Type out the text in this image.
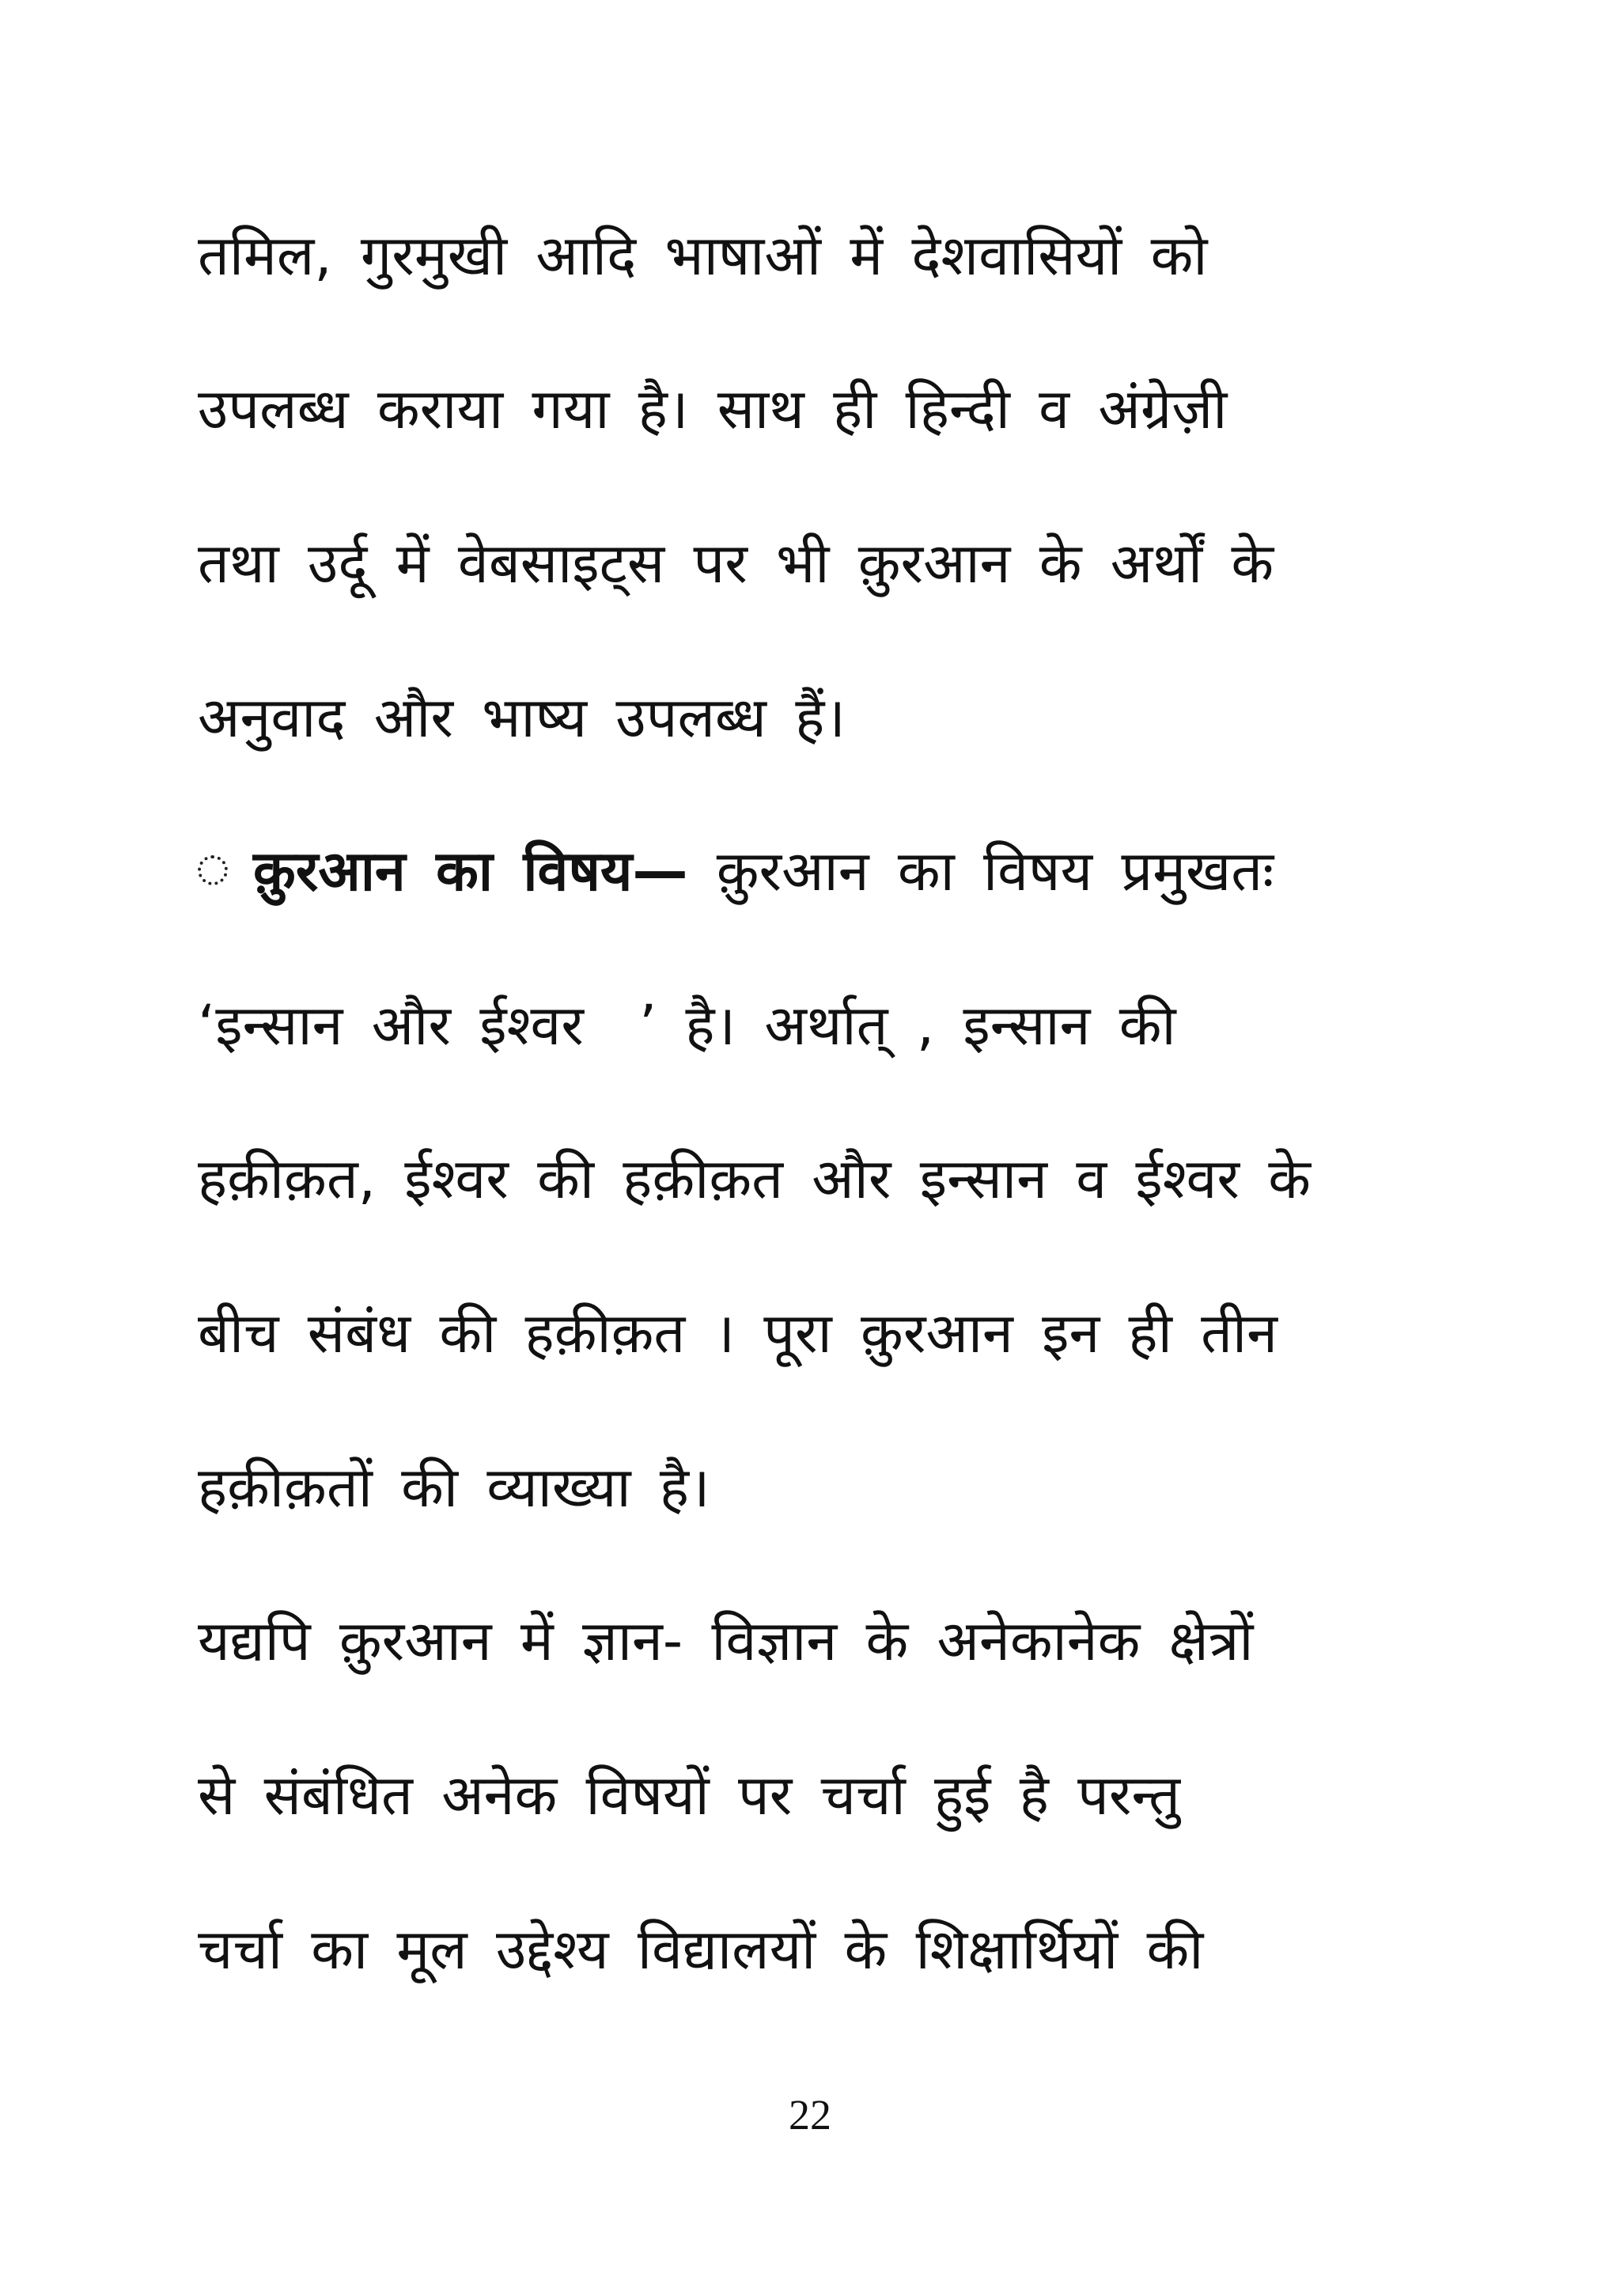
तमिल, गुरमुखी आदि भाषाओं में देशवासियों को
उपलब्ध कराया गया है। साथ ही हिन्दी व अंग्रेज़ी
तथा उर्दू में वेबसाइट्स पर भी क़ुरआन के अर्थों के
अनुवाद और भाष्य उपलब्ध हैं।
क़ुरआन का विषय— क़ुरआन का विषय प्रमुखतः
‘इन्सान और ईश्वर ’ है। अर्थात् , इन्सान की
हक़ीक़त, ईश्वर की हक़ीक़त और इन्सान व ईश्वर के
बीच संबंध की हक़ीक़त । पूरा क़ुरआन इन ही तीन
हक़ीक़तों की व्याख्या है।
यद्यपि क़ुरआन में ज्ञान- विज्ञान के अनेकानेक क्षेत्रों
से संबंधित अनेक विषयों पर चर्चा हुई है परन्तु
चर्चा का मूल उद्देश्य विद्यालयों के शिक्षार्थियों की
22
